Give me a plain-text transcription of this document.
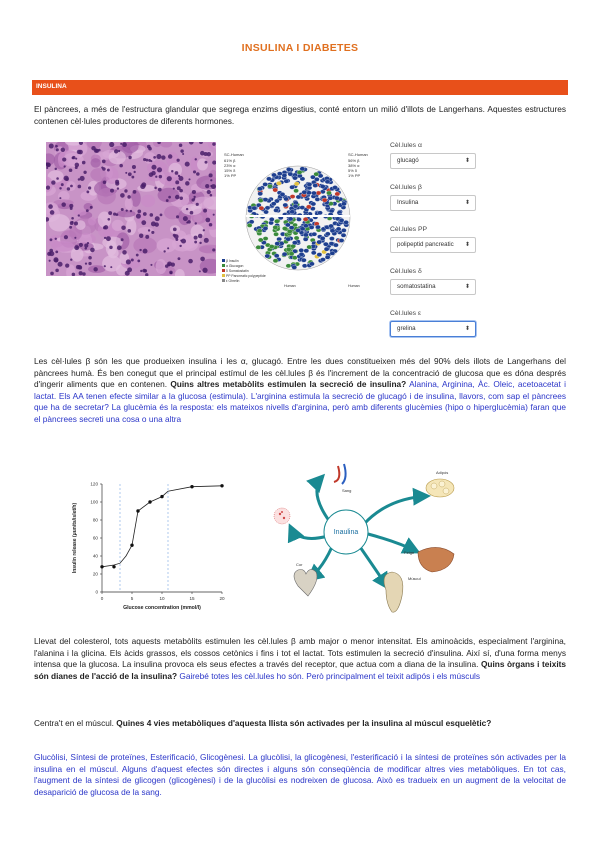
INSULINA I DIABETES
INSULINA

El pàncrees, a més de l'estructura glandular que segrega enzims digestius, conté entorn un milió d'illots de Langerhans. Aquestes estructures contenen cèl·lules productores de diferents hormones.

SC-Human
61% β
23% α
15% δ
1% PP
SC-Human
56% β
38% α
5% δ
1% PP
β Insulin
α Glucagon
δ Somatostatin
PP Pancreatic polypeptide
ε Ghrelin
Human	Human
Cèl.lules α
glucagó	⬍
Cèl.lules β
Insulina	⬍
Cèl.lules PP
polipeptid pancreatic ⬍
Cèl.lules δ
somatostatina	⬍
Cèl.lules ε
grelina	⬍

Les cèl·lules β són les que produeixen insulina i les α, glucagó. Entre les dues constitueixen més del 90% dels illots de Langerhans del pàncrees humà. És ben conegut que el principal estímul de les cèl.lules β és l'increment de la concentració de glucosa que es dóna després d'ingerir aliments que en contenen. Quins altres metabòlits estimulen la secreció de insulina? Alanina, Arginina, Àc. Oleic, acetoacetat i lactat. Els AA tenen efecte similar a la glucosa (estimula). L'arginina estimula la secreció de glucagó i de insulina, llavors, com sap el pàncrees que ha de secretar? La glucèmia és la resposta: els mateixos nivells d'arginina, però amb diferents glucèmies (hipo o hiperglucèmia) faran que el pàncrees secreti una cosa o una altra

0	5	10	15	20
0
20
40
60
80
100
120
Glucose concentration (mmol/l)
Insulin release (μunits/islet/h)	Inaulina
Sang
Adipós
Fetge
Cor
Múscul

Llevat del colesterol, tots aquests metabòlits estimulen les cèl.lules β amb major o menor intensitat. Els aminoàcids, especialment l'arginina, l'alanina i la glicina. Els àcids grassos, els cossos cetònics i fins i tot el lactat. Tots estimulen la secreció d'insulina. Així sí, d'una forma menys intensa que la glucosa. La insulina provoca els seus efectes a través del receptor, que actua com a diana de la insulina. Quins òrgans i teixits són dianes de l'acció de la insulina? Gairebé totes les cèl.lules ho són. Però principalment el teixit adipós i els músculs

Centra't en el múscul. Quines 4 vies metabòliques d'aquesta llista són activades per la insulina al múscul esquelètic?

Glucòlisi, Síntesi de proteïnes, Esterificació, Glicogènesi. La glucòlisi, la glicogènesi, l'esterificació i la síntesi de proteïnes són activades per la insulina en el múscul. Alguns d'aquest efectes són directes i alguns són conseqüència de modificar altres vies metabòliques. En tot cas, l'augment de la síntesi de glicogen (glicogènesi) i de la glucòlisi es nodreixen de glucosa. Això es tradueix en un augment de la velocitat de desaparició de glucosa de la sang.
